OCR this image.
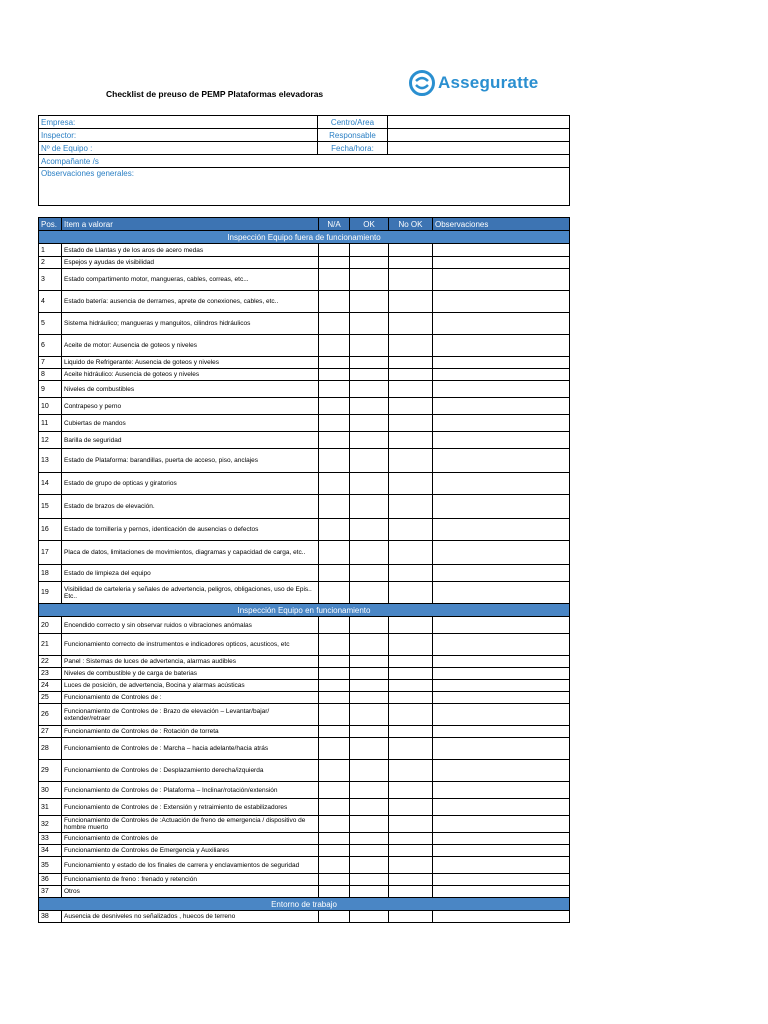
Checklist de preuso de PEMP Plataformas elevadoras
Asseguratte
Empresa:	Centro/Area	
Inspector:	Responsable	
Nº de Equipo :	Fecha/hora:	
Acompañante /s		
Observaciones generales:		
Pos.	Item a valorar	N/A	OK	No OK	Observaciones
Inspección Equipo fuera de funcionamiento					
1	Estado de Llantas y de los aros de acero medas				
2	Espejos y ayudas de visibilidad				
3	Estado compartimento motor, mangueras, cables, correas, etc...				
4	Estado batería: ausencia de derrames, aprete de conexiones, cables, etc..				
5	Sistema hidráulico; mangueras y manguitos, cilindros hidráulicos				
6	Aceite de motor: Ausencia de goteos y niveles				
7	Liquido de Refrigerante: Ausencia de goteos y niveles				
8	Aceite hidráulico: Ausencia de goteos y niveles				
9	Niveles de combustibles				
10	Contrapeso y perno				
11	Cubiertas de mandos				
12	Barilla de seguridad				
13	Estado de Plataforma: barandillas, puerta de acceso, piso, anclajes				
14	Estado de grupo de opticas y giratorios				
15	Estado de brazos de elevación.				
16	Estado de tornillería y pernos, identicación de ausencias o defectos				
17	Placa de datos, limitaciones de movimientos, diagramas y capacidad de carga, etc..				
18	Estado de limpieza del equipo				
19	Visibilidad de carteleria y señales de advertencia, peligros, obligaciones, uso de Epis.. Etc..				
Inspección Equipo en funcionamiento					
20	Encendido correcto y sin observar ruidos o vibraciones anómalas				
21	Funcionamiento correcto de instrumentos e indicadores opticos, acusticos, etc				
22	Panel : Sistemas de luces de advertencia, alarmas audibles				
23	Niveles de combustible y de carga de baterias				
24	Luces de posición, de advertencia, Bocina y alarmas acústicas				
25	Funcionamiento de Controles de :				
26	Funcionamiento de Controles de : Brazo de elevación – Levantar/bajar/ extender/retraer				
27	Funcionamiento de Controles de : Rotación de torreta				
28	Funcionamiento de Controles de : Marcha – hacia adelante/hacia atrás				
29	Funcionamiento de Controles de : Desplazamiento derecha/izquierda				
30	Funcionamiento de Controles de : Plataforma – Inclinar/rotación/extensión				
31	Funcionamiento de Controles de : Extensión y retraimiento de estabilizadores				
32	Funcionamiento de Controles de :Actuación de freno de emergencia / dispositivo de hombre muerto				
33	Funcionamiento de Controles de				
34	Funcionamiento de Controles de Emergencia y Auxiliares				
35	Funcionamiento y estado de los finales de carrera y enclavamientos de seguridad				
36	Funcionamiento de freno : frenado y retención				
37	Otros				
Entorno de trabajo					
38	Ausencia de desniveles no señalizados , huecos de terreno				
